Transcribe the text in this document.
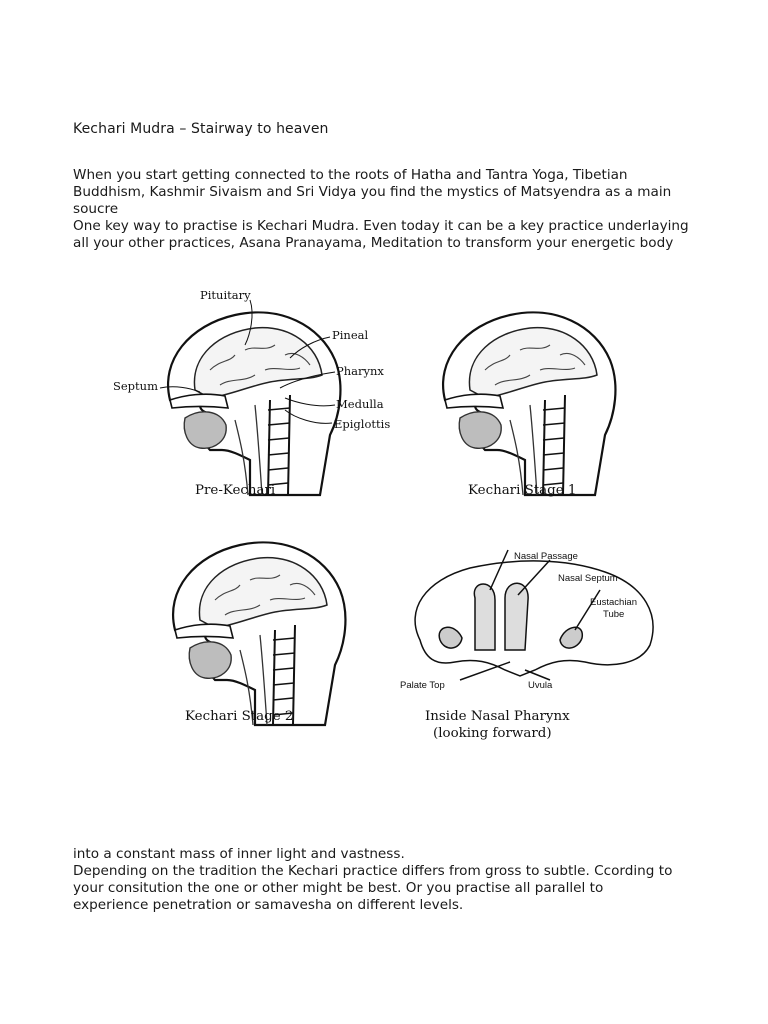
Kechari Mudra – Stairway to heaven
When you start getting connected to the roots of Hatha and Tantra Yoga, Tibetian
Buddhism, Kashmir Sivaism and Sri Vidya you find the mystics of Matsyendra as a main
soucre
One key way to practise is Kechari Mudra. Even today it can be a key practice underlaying
all your other practices, Asana Pranayama, Meditation to transform your energetic body
Pituitary
Pineal
Pharynx
Septum
Medulla
Epiglottis
Pre-Kechari	Kechari Stage 1
Kechari Stage 2	Inside Nasal Pharynx
(looking forward)
Nasal Passage
Nasal Septum
Eustachian
Tube
Palate Top	Uvula
into a constant mass of inner light and vastness.
Depending on the tradition the Kechari practice differs from gross to subtle. Ccording to
your consitution the one or other might be best. Or you practise all parallel to
experience penetration or samavesha on different levels.
